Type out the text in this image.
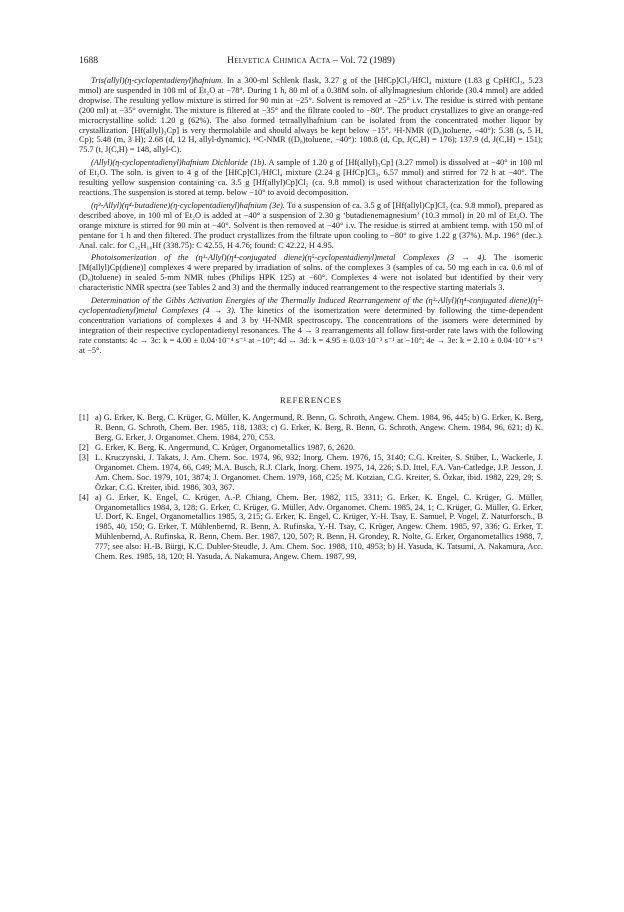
1688	Helvetica Chimica Acta – Vol. 72 (1989)

Tris(allyl)(η-cyclopentadienyl)hafnium. In a 300-ml Schlenk flask, 3.27 g of the [HfCp]Cl₃/HfCl₄ mixture (1.83 g CpHfCl₃, 5.23 mmol) are suspended in 100 ml of Et₂O at −78°. During 1 h, 80 ml of a 0.38M soln. of allylmagnesium chloride (30.4 mmol) are added dropwise. The resulting yellow mixture is stirred for 90 min at −25°. Solvent is removed at −25° i.v. The residue is stirred with pentane (200 ml) at −35° overnight. The mixture is filtered at −35° and the filtrate cooled to −80°. The product crystallizes to give an orange-red microcrystalline solid: 1.20 g (62%). The also formed tetraallylhafnium can be isolated from the concentrated mother liquor by crystallization. [Hf(allyl)₃Cp] is very thermolabile and should always be kept below −15°. ¹H-NMR ((D₈)toluene, −40°): 5.38 (s, 5 H, Cp); 5.48 (m, 3 H); 2.68 (d, 12 H, allyl-dynamic). ¹³C-NMR ((D₈)toluene, −40°): 108.8 (d, Cp, J(C,H) = 176); 137.9 (d, J(C,H) = 151); 75.7 (t, J(C,H) = 148, allyl-C).

(Allyl)(η-cyclopentadienyl)hafnium Dichloride (1b). A sample of 1.20 g of [Hf(allyl)₃Cp] (3.27 mmol) is dissolved at −40° in 100 ml of Et₂O. The soln. is given to 4 g of the [HfCp]Cl₃/HfCl₄ mixture (2.24 g [HfCp]Cl₃, 6.57 mmol) and stirred for 72 h at −40°. The resulting yellow suspension containing ca. 3.5 g [Hf(allyl)Cp]Cl₂ (ca. 9.8 mmol) is used without characterization for the following reactions. The suspension is stored at temp. below −10° to avoid decomposition.

(η³-Allyl)(η⁴-butadiene)(η-cyclopentadienyl)hafnium (3e). To a suspension of ca. 3.5 g of [Hf(allyl)Cp]Cl₂ (ca. 9.8 mmol), prepared as described above, in 100 ml of Et₂O is added at −40° a suspension of 2.30 g ‘butadienemagnesium’ (10.3 mmol) in 20 ml of Et₂O. The orange mixture is stirred for 90 min at −40°. Solvent is then removed at −40° i.v. The residue is stirred at ambient temp. with 150 ml of pentane for 1 h and then filtered. The product crystallizes from the filtrate upon cooling to −80° to give 1.22 g (37%). M.p. 196° (dec.). Anal. calc. for C₁₂H₁₆Hf (338.75): C 42.55, H 4.76; found: C 42.22, H 4.95.

Photoisomerization of the (η³-Allyl)(η⁴-conjugated diene)(η⁵-cyclopentadienyl)metal Complexes (3 → 4). The isomeric [M(allyl)Cp(diene)] complexes 4 were prepared by irradiation of solns. of the complexes 3 (samples of ca. 50 mg each in ca. 0.6 ml of (D₈)toluene) in sealed 5-mm NMR tubes (Philips HPK 125) at −60°. Complexes 4 were not isolated but identified by their very characteristic NMR spectra (see Tables 2 and 3) and the thermally induced rearrangement to the respective starting materials 3.

Determination of the Gibbs Activation Energies of the Thermally Induced Rearrangement of the (η³-Allyl)(η⁴-conjugated diene)(η⁵-cyclopentadienyl)metal Complexes (4 → 3). The kinetics of the isomerization were determined by following the time-dependent concentration variations of complexes 4 and 3 by ¹H-NMR spectroscopy. The concentrations of the isomers were determined by integration of their respective cyclopentadienyl resonances. The 4 → 3 rearrangements all follow first-order rate laws with the following rate constants: 4c → 3c: k = 4.00 ± 0.04·10⁻⁴ s⁻¹ at −10°; 4d → 3d: k = 4.95 ± 0.03·10⁻³ s⁻¹ at −10°; 4e → 3e: k = 2.10 ± 0.04·10⁻⁴ s⁻¹ at −5°.

REFERENCES
[1] a) G. Erker, K. Berg, C. Krüger, G. Müller, K. Angermund, R. Benn, G. Schroth, Angew. Chem. 1984, 96, 445; b) G. Erker, K. Berg, R. Benn, G. Schroth, Chem. Ber. 1985, 118, 1383; c) G. Erker, K. Berg, R. Benn, G. Schroth, Angew. Chem. 1984, 96, 621; d) K. Berg, G. Erker, J. Organomet. Chem. 1984, 270, C53.
[2] G. Erker, K. Berg, K. Angermund, C. Krüger, Organometallics 1987, 6, 2620.
[3] L. Kruczynski, J. Takats, J. Am. Chem. Soc. 1974, 96, 932; Inorg. Chem. 1976, 15, 3140; C.G. Kreiter, S. Stüber, L. Wackerle, J. Organomet. Chem. 1974, 66, C49; M.A. Busch, R.J. Clark, Inorg. Chem. 1975, 14, 226; S.D. Ittel, F.A. Van-Catledge, J.P. Jesson, J. Am. Chem. Soc. 1979, 101, 3874; J. Organomet. Chem. 1979, 168, C25; M. Kotzian, C.G. Kreiter, S. Özkar, ibid. 1982, 229, 29; S. Özkar, C.G. Kreiter, ibid. 1986, 303, 367.
[4] a) G. Erker, K. Engel, C. Krüger, A.-P. Chiang, Chem. Ber. 1982, 115, 3311; G. Erker, K. Engel, C. Krüger, G. Müller, Organometallics 1984, 3, 128; G. Erker, C. Krüger, G. Müller, Adv. Organomet. Chem. 1985, 24, 1; C. Krüger, G. Müller, G. Erker, U. Dorf, K. Engel, Organometallics 1985, 3, 215; G. Erker, K. Engel, C. Krüger, Y.-H. Tsay, E. Samuel, P. Vogel, Z. Naturforsch., B 1985, 40, 150; G. Erker, T. Mühlenbernd, R. Benn, A. Rufinska, Y.-H. Tsay, C. Krüger, Angew. Chem. 1985, 97, 336; G. Erker, T. Mühlenbernd, A. Rufinska, R. Benn, Chem. Ber. 1987, 120, 507; R. Benn, H. Grondey, R. Nolte, G. Erker, Organometallics 1988, 7, 777; see also: H.-B. Bürgi, K.C. Dubler-Steudle, J. Am. Chem. Soc. 1988, 110, 4953; b) H. Yasuda, K. Tatsumi, A. Nakamura, Acc. Chem. Res. 1985, 18, 120; H. Yasuda, A. Nakamura, Angew. Chem. 1987, 99,
